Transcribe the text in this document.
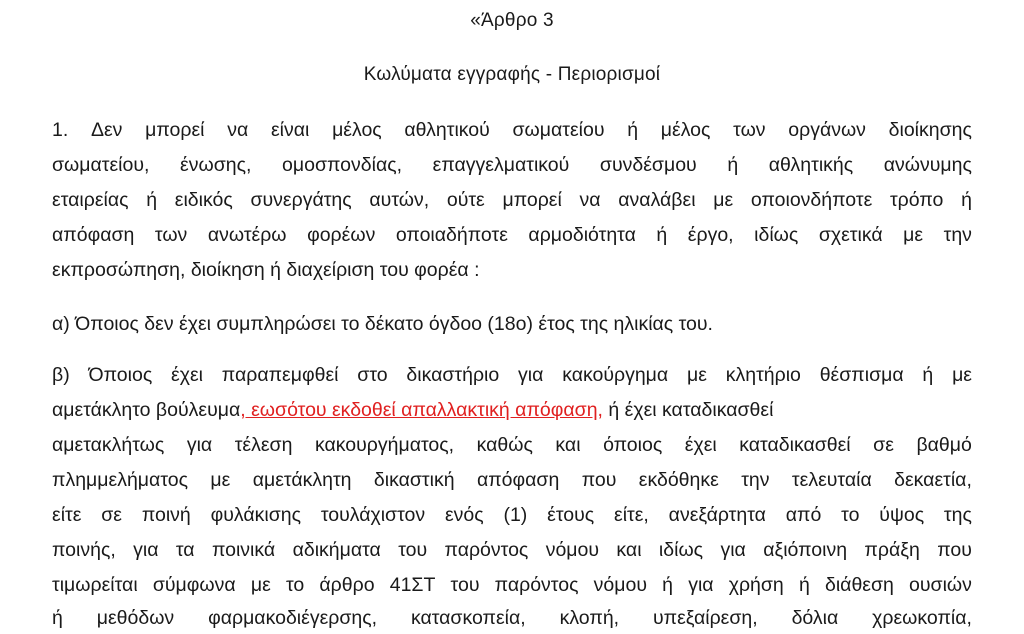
«Άρθρο 3
Κωλύματα εγγραφής - Περιορισμοί
1. Δεν μπορεί να είναι μέλος αθλητικού σωματείου ή μέλος των οργάνων διοίκησης
σωματείου, ένωσης, ομοσπονδίας, επαγγελματικού συνδέσμου ή αθλητικής ανώνυμης
εταιρείας ή ειδικός συνεργάτης αυτών, ούτε μπορεί να αναλάβει με οποιονδήποτε τρόπο ή
απόφαση των ανωτέρω φορέων οποιαδήποτε αρμοδιότητα ή έργο, ιδίως σχετικά με την
εκπροσώπηση, διοίκηση ή διαχείριση του φορέα :
α) Όποιος δεν έχει συμπληρώσει το δέκατο όγδοο (18ο) έτος της ηλικίας του.
β) Όποιος έχει παραπεμφθεί στο δικαστήριο για κακούργημα με κλητήριο θέσπισμα ή με
αμετάκλητο βούλευμα , εωσότου εκδοθεί απαλλακτική απόφαση, ή έχει καταδικασθεί
αμετακλήτως για τέλεση κακουργήματος, καθώς και όποιος έχει καταδικασθεί σε βαθμό
πλημμελήματος με αμετάκλητη δικαστική απόφαση που εκδόθηκε την τελευταία δεκαετία,
είτε σε ποινή φυλάκισης τουλάχιστον ενός (1) έτους είτε, ανεξάρτητα από το ύψος της
ποινής, για τα ποινικά αδικήματα του παρόντος νόμου και ιδίως για αξιόποινη πράξη που
τιμωρείται σύμφωνα με το άρθρο 41ΣΤ του παρόντος νόμου ή για χρήση ή διάθεση ουσιών
ή μεθόδων φαρμακοδιέγερσης, κατασκοπεία, κλοπή, υπεξαίρεση, δόλια χρεωκοπία,
